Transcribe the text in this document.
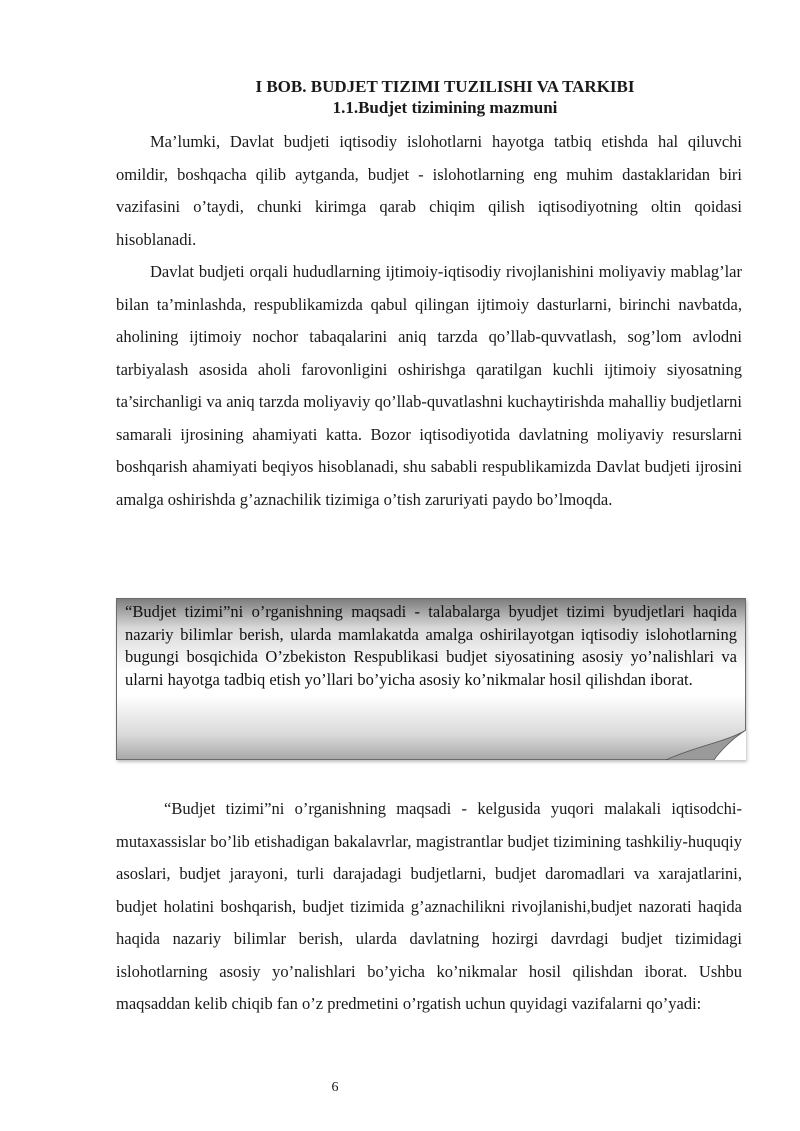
I BOB. BUDJET TIZIMI TUZILISHI VA TARKIBI
1.1.Budjet tizimining mazmuni

Ma’lumki, Davlat budjeti iqtisodiy islohotlarni hayotga tatbiq etishda hal qiluvchi omildir, boshqacha qilib aytganda, budjet - islohotlarning eng muhim dastaklaridan biri vazifasini o’taydi, chunki kirimga qarab chiqim qilish iqtisodiyotning oltin qoidasi hisoblanadi.

Davlat budjeti orqali hududlarning ijtimoiy-iqtisodiy rivojlanishini moliyaviy mablag’lar bilan ta’minlashda, respublikamizda qabul qilingan ijtimoiy dasturlarni, birinchi navbatda, aholining ijtimoiy nochor tabaqalarini aniq tarzda qo’llab-quvvatlash, sog’lom avlodni tarbiyalash asosida aholi farovonligini oshirishga qaratilgan kuchli ijtimoiy siyosatning ta’sirchanligi va aniq tarzda moliyaviy qo’llab-quvatlashni kuchaytirishda mahalliy budjetlarni samarali ijrosining ahamiyati katta. Bozor iqtisodiyotida davlatning moliyaviy resurslarni boshqarish ahamiyati beqiyos hisoblanadi, shu sababli respublikamizda Davlat budjeti ijrosini amalga oshirishda g’aznachilik tizimiga o’tish zaruriyati paydo bo’lmoqda.

“Budjet tizimi”ni o’rganishning maqsadi - talabalarga byudjet tizimi byudjetlari haqida nazariy bilimlar berish, ularda mamlakatda amalga oshirilayotgan iqtisodiy islohotlarning bugungi bosqichida O’zbekiston Respublikasi budjet siyosatining asosiy yo’nalishlari va ularni hayotga tadbiq etish yo’llari bo’yicha asosiy ko’nikmalar hosil qilishdan iborat.

“Budjet tizimi”ni o’rganishning maqsadi - kelgusida yuqori malakali iqtisodchi-mutaxassislar bo’lib etishadigan bakalavrlar, magistrantlar budjet tizimining tashkiliy-huquqiy asoslari, budjet jarayoni, turli darajadagi budjetlarni, budjet daromadlari va xarajatlarini, budjet holatini boshqarish, budjet tizimida g’aznachilikni rivojlanishi,budjet nazorati haqida haqida nazariy bilimlar berish, ularda davlatning hozirgi davrdagi budjet tizimidagi islohotlarning asosiy yo’nalishlari bo’yicha ko’nikmalar hosil qilishdan iborat. Ushbu maqsaddan kelib chiqib fan o’z predmetini o’rgatish uchun quyidagi vazifalarni qo’yadi:

6
